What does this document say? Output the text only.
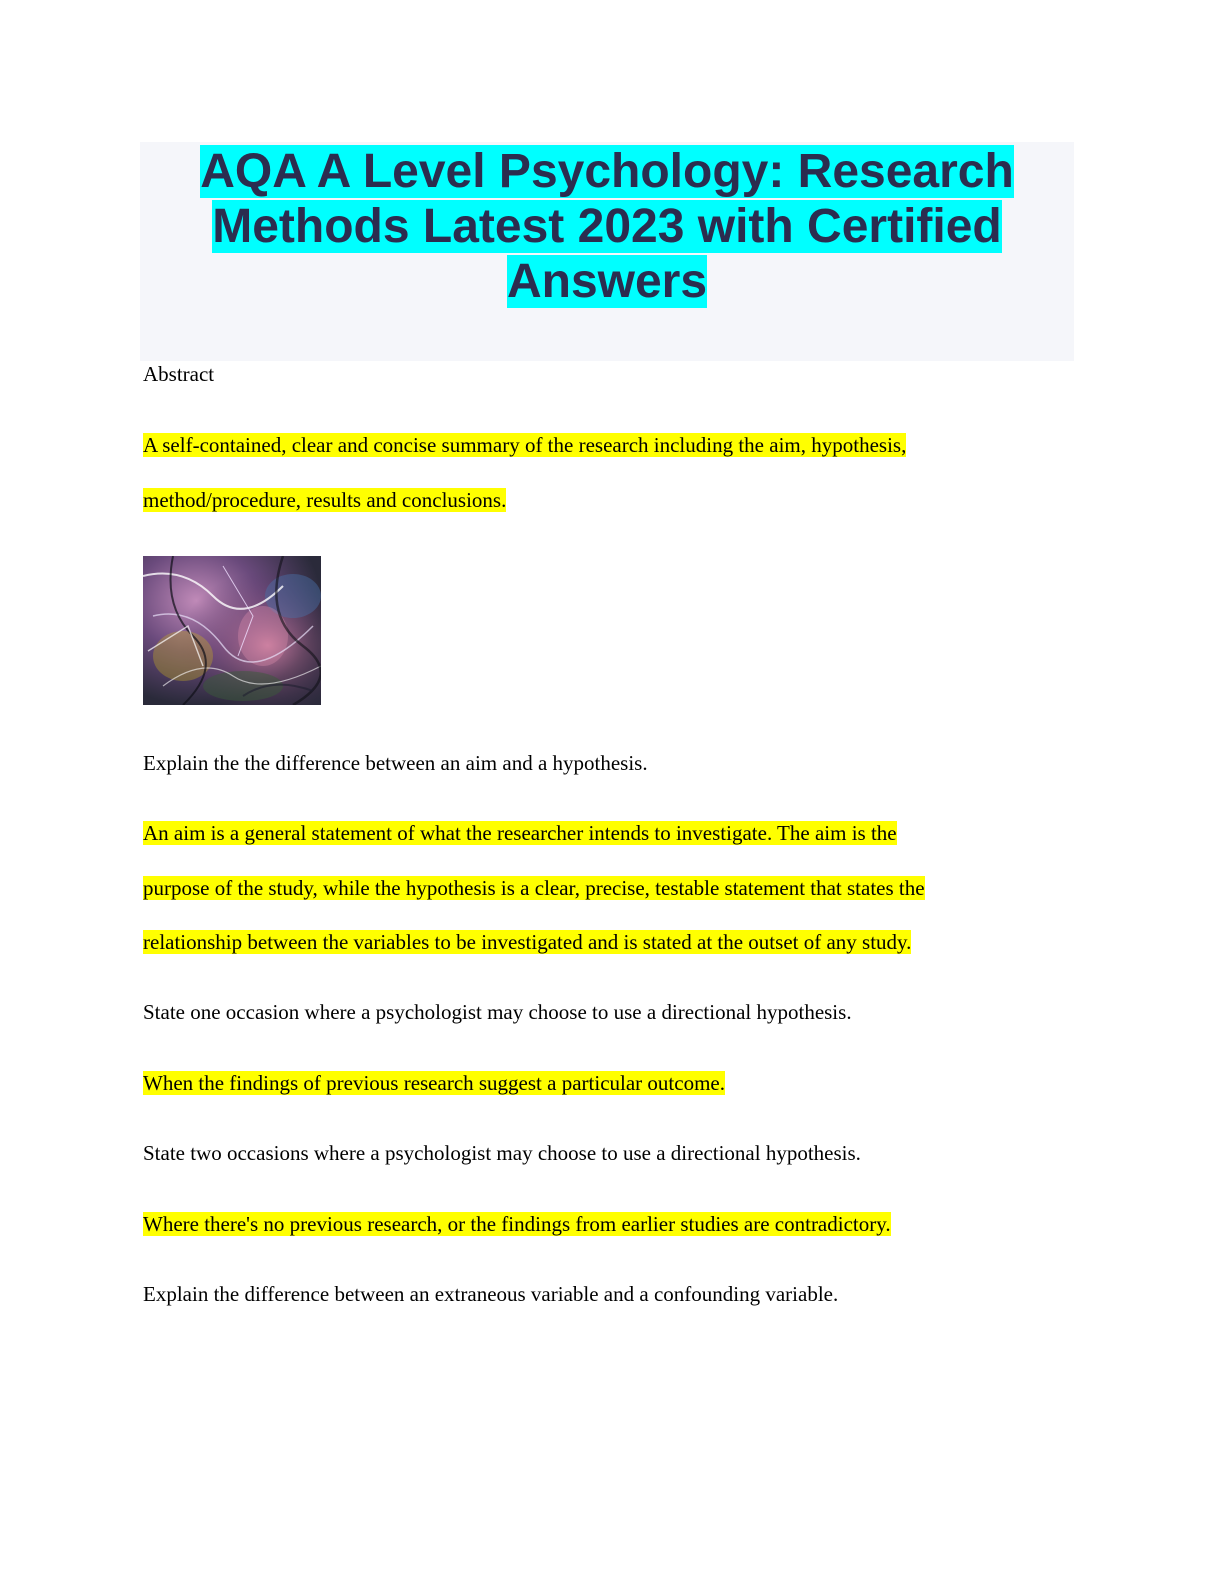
AQA A Level Psychology: Research
Methods Latest 2023 with Certified
Answers

Abstract

A self-contained, clear and concise summary of the research including the aim, hypothesis,

method/procedure, results and conclusions.

Explain the the difference between an aim and a hypothesis.

An aim is a general statement of what the researcher intends to investigate. The aim is the

purpose of the study, while the hypothesis is a clear, precise, testable statement that states the

relationship between the variables to be investigated and is stated at the outset of any study.

State one occasion where a psychologist may choose to use a directional hypothesis.

When the findings of previous research suggest a particular outcome.

State two occasions where a psychologist may choose to use a directional hypothesis.

Where there's no previous research, or the findings from earlier studies are contradictory.

Explain the difference between an extraneous variable and a confounding variable.
